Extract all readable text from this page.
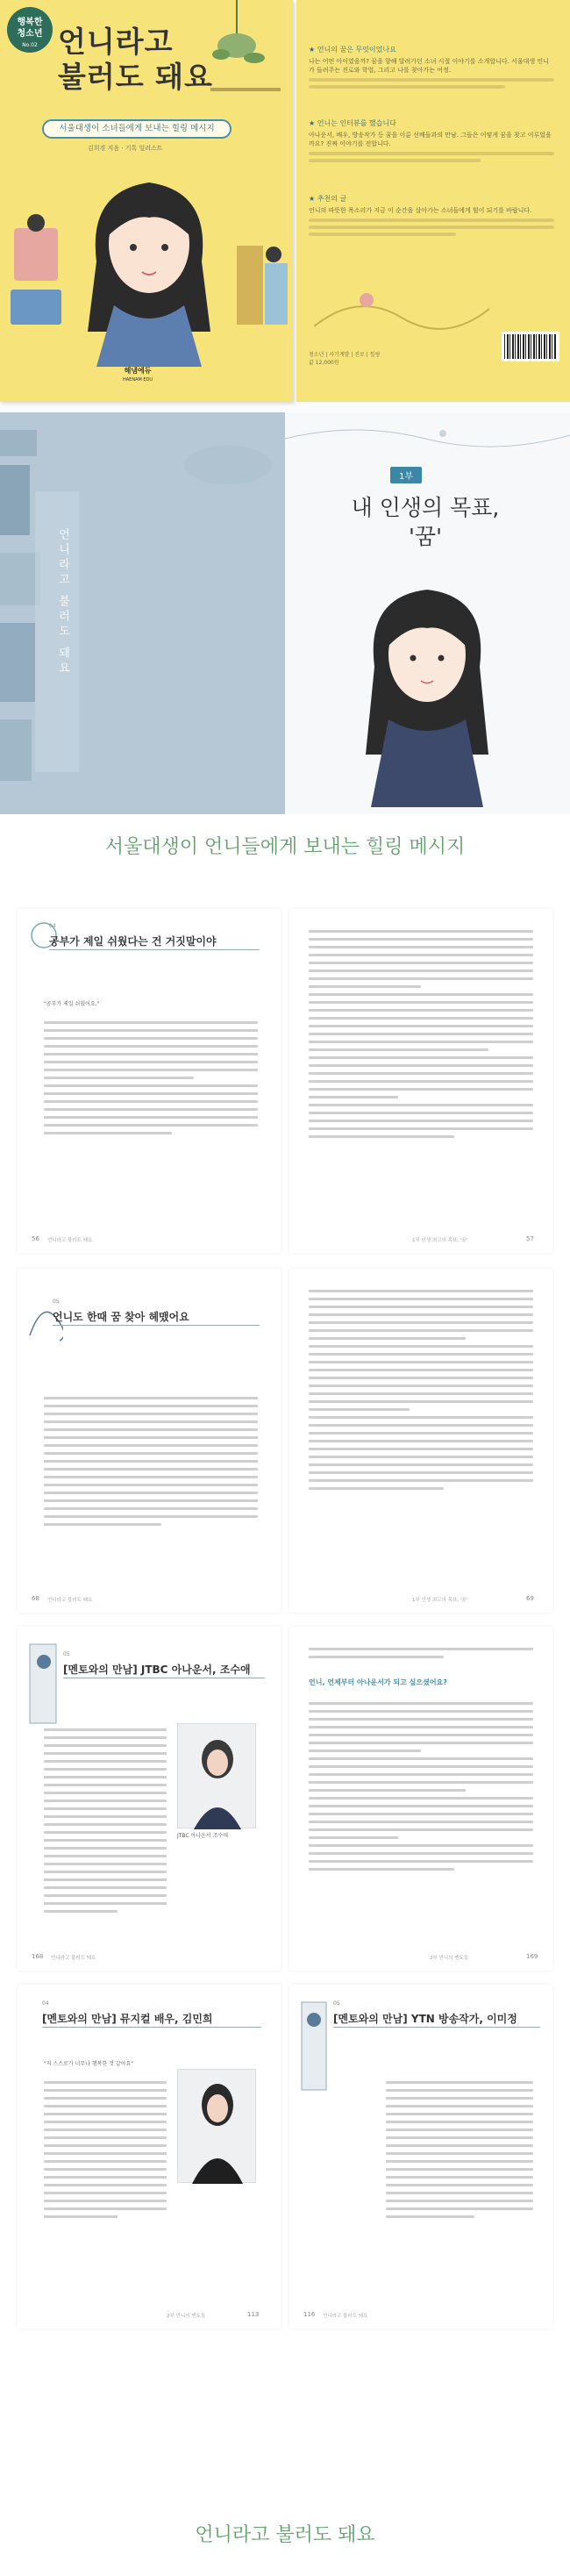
행복한
청소년
No.02 언니라고
불러도 돼요
서울대생이 소녀들에게 보내는 힐링 메시지
김희경 지음 · 기톡 일러스트
해냄에듀
HAENAM EDU
★ 언니의 꿈은 무엇이었나요
나는 어떤 아이였을까? 꿈을 향해 달려가던 소녀 시절 이야기를 소개합니다. 서울대생 언니가 들려주는 진로와 학업, 그리고 나를 찾아가는 여정.
★ 언니는 인터뷰를 했습니다
아나운서, 배우, 방송작가 등 꿈을 이룬 선배들과의 만남. 그들은 어떻게 꿈을 찾고 이루었을까요? 진짜 이야기를 전합니다.
★ 추천의 글
언니의 따뜻한 목소리가 지금 이 순간을 살아가는 소녀들에게 힘이 되기를 바랍니다.
청소년 | 자기계발 | 진로 | 힐링
값 12,000원
언니라고 불러도 돼요
1부
내 인생의 목표,
'꿈'
서울대생이 언니들에게 보내는 힐링 메시지
04
공부가 제일 쉬웠다는 건 거짓말이야
"공부가 제일 쉬웠어요."
56 언니라고 불러도 돼요	1부 인생 최고의 목표, '꿈'	57
05
언니도 한때 꿈 찾아 헤맸어요
68 언니라고 불러도 돼요	1부 인생 최고의 목표, '꿈'	69
05
[멘토와의 만남] JTBC 아나운서, 조수애
JTBC 아나운서 조수애
168 언니라고 불러도 돼요
언니, 언제부터 아나운서가 되고 싶으셨어요?
2부 언니의 멘토들	169
04
[멘토와의 만남] 뮤지컬 배우, 김민희
"저 스스로가 너무나 행복한 것 같아요"
2부 언니의 멘토들	113
05
[멘토와의 만남] YTN 방송작가, 이미정
116 언니라고 불러도 돼요
언니라고 불러도 돼요
